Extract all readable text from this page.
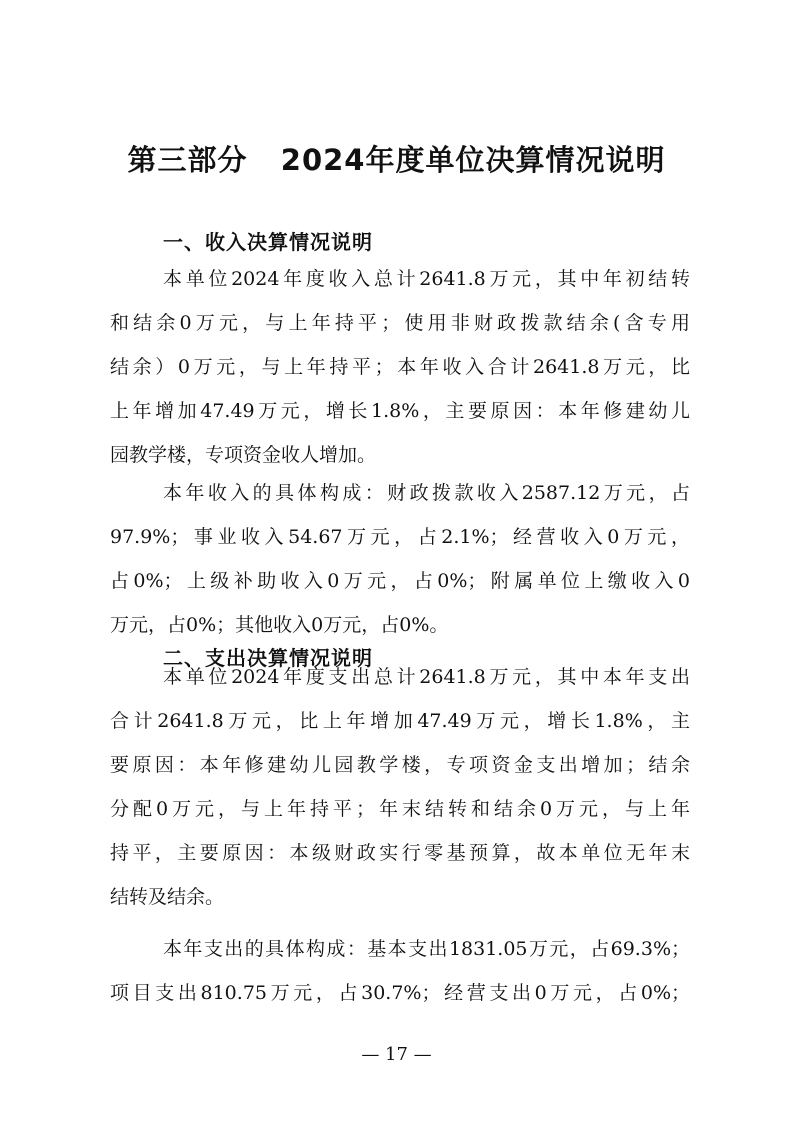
第三部分   2024年度单位决算情况说明
一、收入决算情况说明
本单位2024年度收入总计2641.8万元，其中年初结转
和结余0万元，与上年持平；使用非财政拨款结余(含专用
结余）0万元，与上年持平；本年收入合计2641.8万元，比
上年增加47.49万元，增长1.8%，主要原因：本年修建幼儿
园教学楼，专项资金收人增加。
本年收入的具体构成：财政拨款收入2587.12万元，占
97.9%；事业收入54.67万元，占2.1%；经营收入0万元，
占0%；上级补助收入0万元，占0%；附属单位上缴收入0
万元，占0%；其他收入0万元，占0%。
二、支出决算情况说明
本单位2024年度支出总计2641.8万元，其中本年支出
合计2641.8万元，比上年增加47.49万元，增长1.8%，主
要原因：本年修建幼儿园教学楼，专项资金支出增加；结余
分配0万元，与上年持平；年末结转和结余0万元，与上年
持平，主要原因：本级财政实行零基预算，故本单位无年末
结转及结余。
本年支出的具体构成：基本支出1831.05万元，占69.3%；
项目支出810.75万元，占30.7%；经营支出0万元，占0%；
— 17 —
